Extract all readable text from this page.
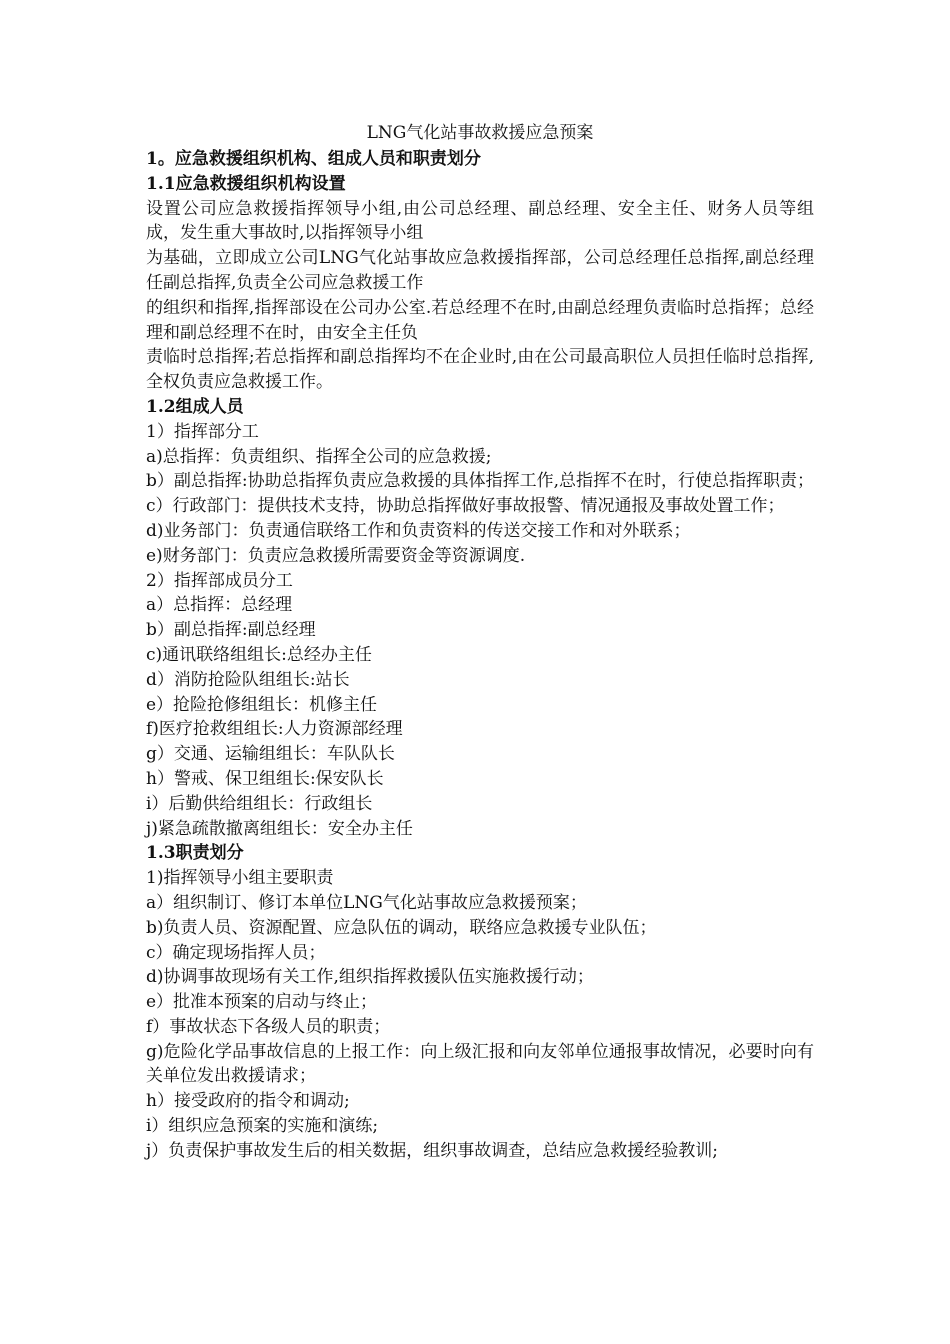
LNG气化站事故救援应急预案
1。应急救援组织机构、组成人员和职责划分
1.1应急救援组织机构设置
设置公司应急救援指挥领导小组,由公司总经理、副总经理、安全主任、财务人员等组成，发生重大事故时,以指挥领导小组
为基础，立即成立公司LNG气化站事故应急救援指挥部，公司总经理任总指挥,副总经理任副总指挥,负责全公司应急救援工作
的组织和指挥,指挥部设在公司办公室.若总经理不在时,由副总经理负责临时总指挥；总经理和副总经理不在时，由安全主任负
责临时总指挥;若总指挥和副总指挥均不在企业时,由在公司最高职位人员担任临时总指挥,全权负责应急救援工作。
1.2组成人员
1）指挥部分工
a)总指挥：负责组织、指挥全公司的应急救援;
b）副总指挥:协助总指挥负责应急救援的具体指挥工作,总指挥不在时，行使总指挥职责；
c）行政部门：提供技术支持，协助总指挥做好事故报警、情况通报及事故处置工作；
d)业务部门：负责通信联络工作和负责资料的传送交接工作和对外联系；
e)财务部门：负责应急救援所需要资金等资源调度.
2）指挥部成员分工
a）总指挥：总经理
b）副总指挥:副总经理
c)通讯联络组组长:总经办主任
d）消防抢险队组组长:站长
e）抢险抢修组组长：机修主任
f)医疗抢救组组长:人力资源部经理
g）交通、运输组组长：车队队长
h）警戒、保卫组组长:保安队长
i）后勤供给组组长：行政组长
j)紧急疏散撤离组组长：安全办主任
1.3职责划分
1)指挥领导小组主要职责
a）组织制订、修订本单位LNG气化站事故应急救援预案；
b)负责人员、资源配置、应急队伍的调动，联络应急救援专业队伍；
c）确定现场指挥人员；
d)协调事故现场有关工作,组织指挥救援队伍实施救援行动；
e）批准本预案的启动与终止；
f）事故状态下各级人员的职责；
g)危险化学品事故信息的上报工作：向上级汇报和向友邻单位通报事故情况，必要时向有关单位发出救援请求；
h）接受政府的指令和调动;
i）组织应急预案的实施和演练;
j）负责保护事故发生后的相关数据，组织事故调查，总结应急救援经验教训;
